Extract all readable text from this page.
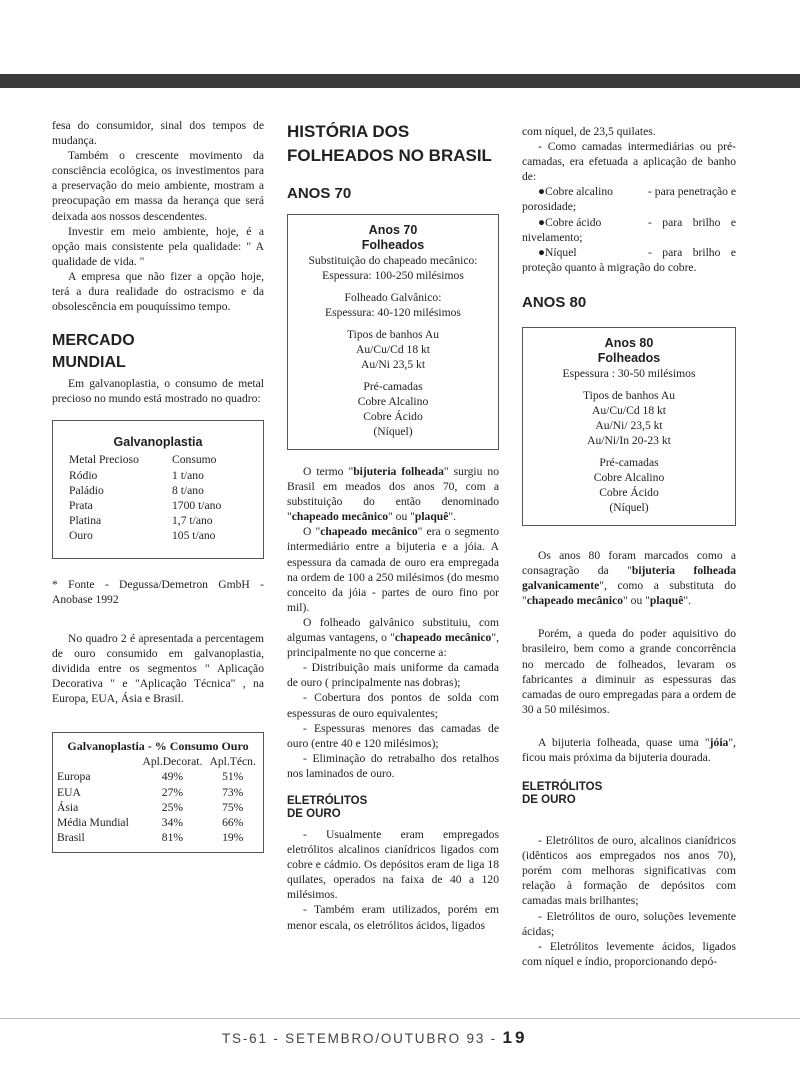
fesa do consumidor, sinal dos tempos de mudança.

Também o crescente movimento da consciência ecológica, os investimentos para a preservação do meio ambiente, mostram a preocupação em massa da herança que será deixada aos nossos descendentes.

Investir em meio ambiente, hoje, é a opção mais consistente pela qualidade: " A qualidade de vida. "

A empresa que não fizer a opção hoje, terá a dura realidade do ostracismo e da obsolescência em pouquíssimo tempo.

MERCADO MUNDIAL

Em galvanoplastia, o consumo de metal precioso no mundo está mostrado no quadro:

Galvanoplastia
Metal Precioso	Consumo
Ródio	1 t/ano
Paládio	8 t/ano
Prata	1700 t/ano
Platina	1,7 t/ano
Ouro	105 t/ano

* Fonte - Degussa/Demetron GmbH - Anobase 1992

No quadro 2 é apresentada a percentagem de ouro consumido em galvanoplastia, dividida entre os segmentos " Aplicação Decorativa " e "Aplicação Técnica" , na Europa, EUA, Ásia e Brasil.

Galvanoplastia - % Consumo Ouro
	Apl.Decorat.	Apl.Técn.
Europa	49%	51%
EUA	27%	73%
Ásia	25%	75%
Média Mundial	34%	66%
Brasil	81%	19%
HISTÓRIA DOS
FOLHEADOS NO BRASIL
ANOS 70
Anos 70
Folheados
Substituição do chapeado mecânico:
Espessura: 100-250 milésimos
Folheado Galvânico:
Espessura: 40-120 milésimos
Tipos de banhos Au
Au/Cu/Cd 18 kt
Au/Ni 23,5 kt
Pré-camadas
Cobre Alcalino
Cobre Ácido
(Níquel)

O termo "bijuteria folheada" surgiu no Brasil em meados dos anos 70, com a substituição do então denominado "chapeado mecânico" ou "plaquê".

O "chapeado mecânico" era o segmento intermediário entre a bijuteria e a jóia. A espessura da camada de ouro era empregada na ordem de 100 a 250 milésimos (do mesmo conceito da jóia - partes de ouro fino por mil).

O folheado galvânico substituiu, com algumas vantagens, o "chapeado mecânico", principalmente no que concerne a:

- Distribuição mais uniforme da camada de ouro ( principalmente nas dobras);

- Cobertura dos pontos de solda com espessuras de ouro equivalentes;

- Espessuras menores das camadas de ouro (entre 40 e 120 milésimos);

- Eliminação do retrabalho dos retalhos nos laminados de ouro.

ELETRÓLITOS
DE OURO

- Usualmente eram empregados eletrólitos alcalinos cianídricos ligados com cobre e cádmio. Os depósitos eram de liga 18 quilates, operados na faixa de 40 a 120 milésimos.

- Também eram utilizados, porém em menor escala, os eletrólitos ácidos, ligados

com níquel, de 23,5 quilates.

- Como camadas intermediárias ou pré-camadas, era efetuada a aplicação de banho de:

●Cobre alcalino	- para penetração e porosidade;

●Cobre ácido	- para brilho e nivelamento;

●Níquel	- para brilho e proteção quanto à migração do cobre.

ANOS 80
Anos 80
Folheados
Espessura : 30-50 milésimos
Tipos de banhos Au
Au/Cu/Cd 18 kt
Au/Ni/ 23,5 kt
Au/Ni/In 20-23 kt
Pré-camadas
Cobre Alcalino
Cobre Ácido
(Níquel)

Os anos 80 foram marcados como a consagração da "bijuteria folheada galvanicamente", como a substituta do "chapeado mecânico" ou "plaquê".

Porém, a queda do poder aquisitivo do brasileiro, bem como a grande concorrência no mercado de folheados, levaram os fabricantes a diminuir as espessuras das camadas de ouro empregadas para a ordem de 30 a 50 milésimos.

A bijuteria folheada, quase uma "jóia", ficou mais próxima da bijuteria dourada.

ELETRÓLITOS
DE OURO

- Eletrólitos de ouro, alcalinos cianídricos (idênticos aos empregados nos anos 70), porém com melhoras significativas com relação à formação de depósitos com camadas mais brilhantes;

- Eletrólitos de ouro, soluções levemente ácidas;

- Eletrólitos levemente ácidos, ligados com níquel e índio, proporcionando depó-

TS-61 - SETEMBRO/OUTUBRO 93 - 19
